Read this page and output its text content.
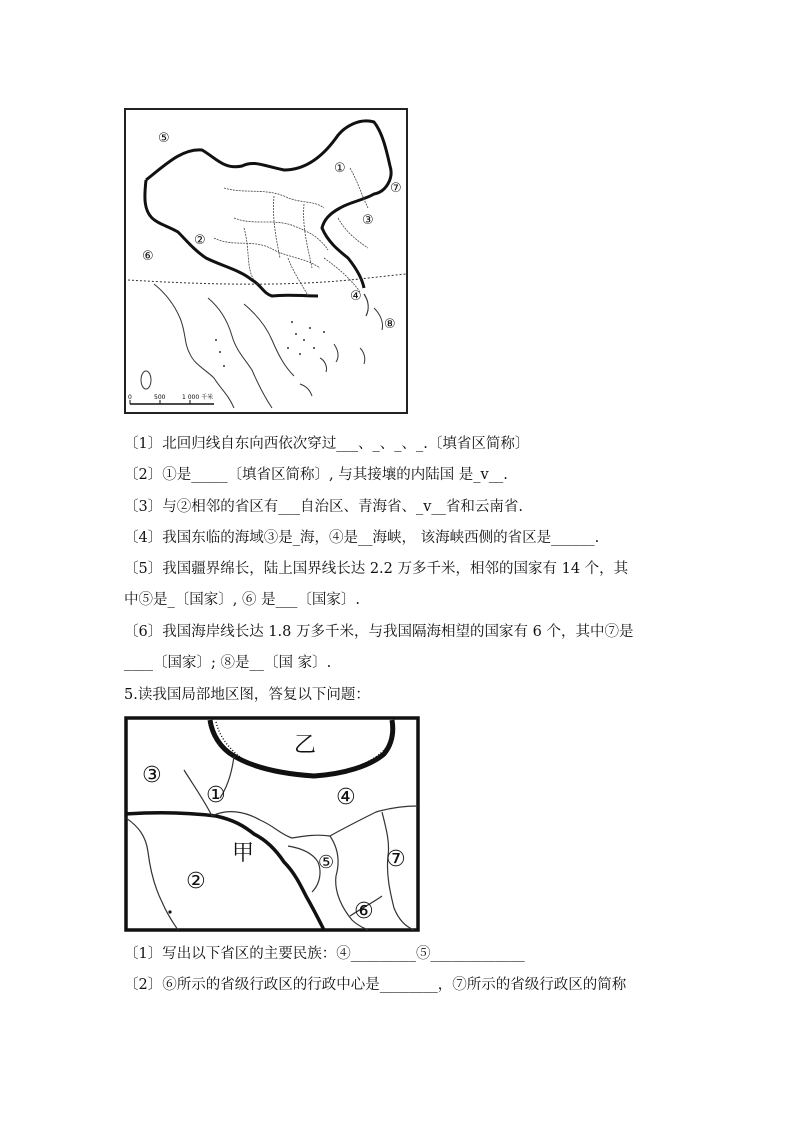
⑤
①
⑦
③
②
⑥
④
⑧
0	500	1 000 千米
〔1〕北回归线自东向西依次穿过___、_、_、_.〔填省区简称〕
〔2〕①是_____〔填省区简称〕, 与其接壤的内陆国 是_v__.
〔3〕与②相邻的省区有___自治区、青海省、_v__省和云南省.
〔4〕我国东临的海域③是_海，④是__海峡， 该海峡西侧的省区是______.
〔5〕我国疆界绵长，陆上国界线长达 2.2 万多千米，相邻的国家有 14 个，其
中⑤是_〔国家〕, ⑥ 是___〔国家〕.
〔6〕我国海岸线长达 1.8 万多千米，与我国隔海相望的国家有 6 个，其中⑦是
____〔国家〕; ⑧是__〔国 家〕.
5.读我国局部地区图，答复以下问题：
乙
③
①	④
甲
②
⑤ ⑦
⑥
〔1〕写出以下省区的主要民族：④_________⑤_____________
〔2〕⑥所示的省级行政区的行政中心是________，⑦所示的省级行政区的简称
